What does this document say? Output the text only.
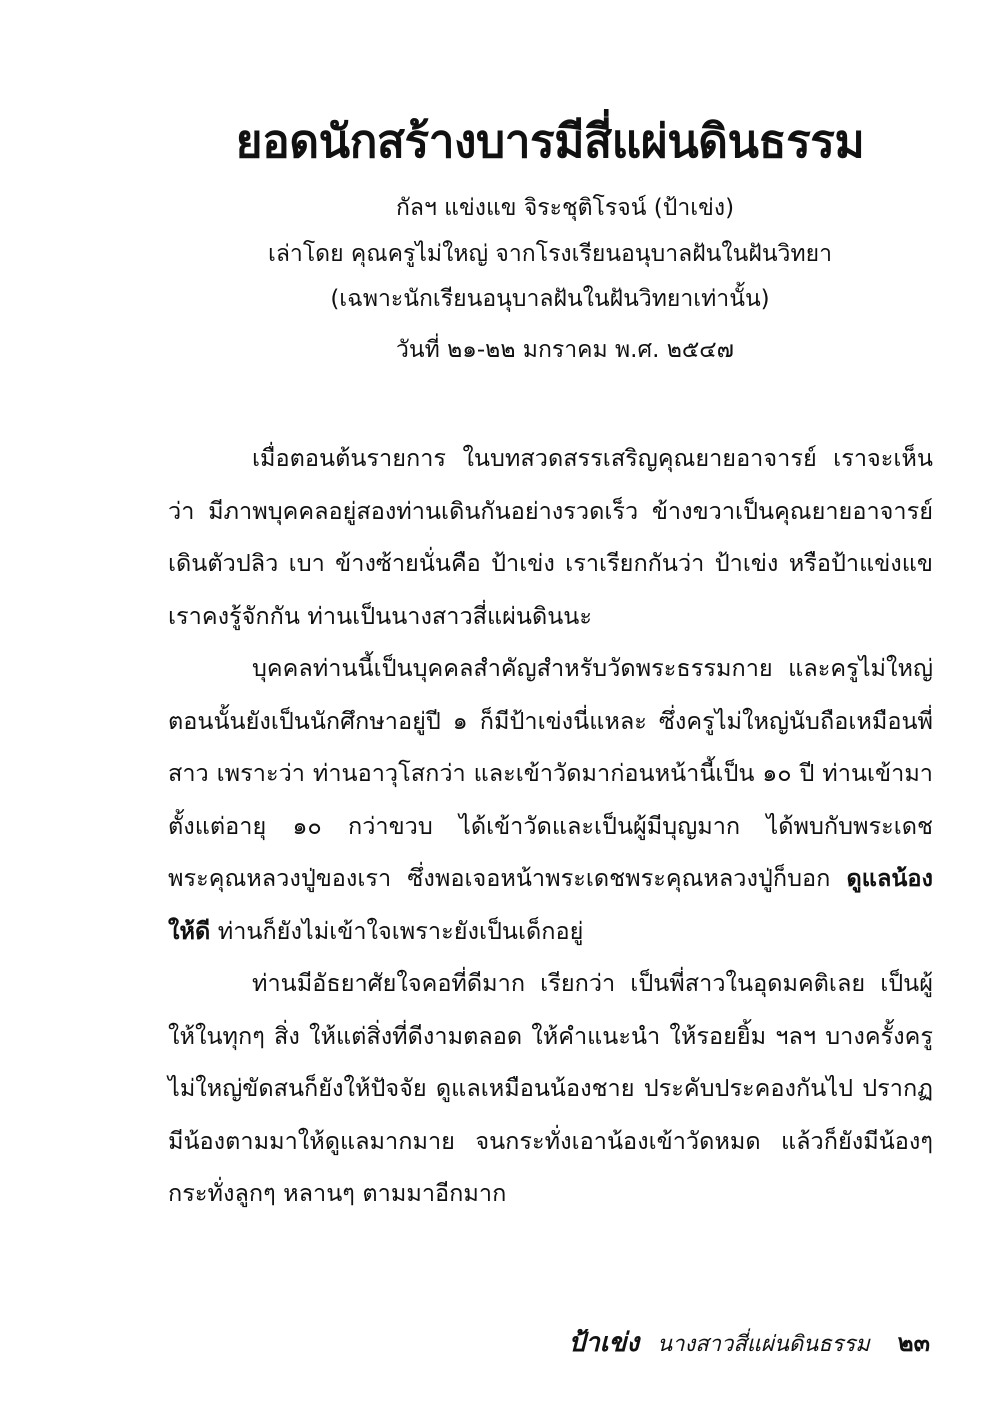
ยอดนักสร้างบารมีสี่แผ่นดินธรรม
กัลฯ แข่งแข จิระชุติโรจน์ (ป้าเข่ง)
เล่าโดย คุณครูไม่ใหญ่ จากโรงเรียนอนุบาลฝันในฝันวิทยา
(เฉพาะนักเรียนอนุบาลฝันในฝันวิทยาเท่านั้น)
วันที่ ๒๑-๒๒ มกราคม พ.ศ. ๒๕๔๗

เมื่อตอนต้นรายการ ในบทสวดสรรเสริญคุณยายอาจารย์ เราจะเห็นว่า มีภาพบุคคลอยู่สองท่านเดินกันอย่างรวดเร็ว ข้างขวาเป็นคุณยายอาจารย์เดินตัวปลิว เบา ข้างซ้ายนั่นคือ ป้าเข่ง เราเรียกกันว่า ป้าเข่ง หรือป้าแข่งแข เราคงรู้จักกัน ท่านเป็นนางสาวสี่แผ่นดินนะ

บุคคลท่านนี้เป็นบุคคลสำคัญสำหรับวัดพระธรรมกาย และครูไม่ใหญ่ ตอนนั้นยังเป็นนักศึกษาอยู่ปี ๑ ก็มีป้าเข่งนี่แหละ ซึ่งครูไม่ใหญ่นับถือเหมือนพี่สาว เพราะว่า ท่านอาวุโสกว่า และเข้าวัดมาก่อนหน้านี้เป็น ๑๐ ปี ท่านเข้ามาตั้งแต่อายุ ๑๐ กว่าขวบ ได้เข้าวัดและเป็นผู้มีบุญมาก ได้พบกับพระเดชพระคุณหลวงปู่ของเรา ซึ่งพอเจอหน้าพระเดชพระคุณหลวงปู่ก็บอก ดูแลน้องให้ดี ท่านก็ยังไม่เข้าใจเพราะยังเป็นเด็กอยู่

ท่านมีอัธยาศัยใจคอที่ดีมาก เรียกว่า เป็นพี่สาวในอุดมคติเลย เป็นผู้ให้ในทุกๆ สิ่ง ให้แต่สิ่งที่ดีงามตลอด ให้คำแนะนำ ให้รอยยิ้ม ฯลฯ บางครั้งครูไม่ใหญ่ขัดสนก็ยังให้ปัจจัย ดูแลเหมือนน้องชาย ประคับประคองกันไป ปรากฏมีน้องตามมาให้ดูแลมากมาย จนกระทั่งเอาน้องเข้าวัดหมด แล้วก็ยังมีน้องๆ กระทั่งลูกๆ หลานๆ ตามมาอีกมาก

ป้าเข่ง นางสาวสี่แผ่นดินธรรม ๒๓
